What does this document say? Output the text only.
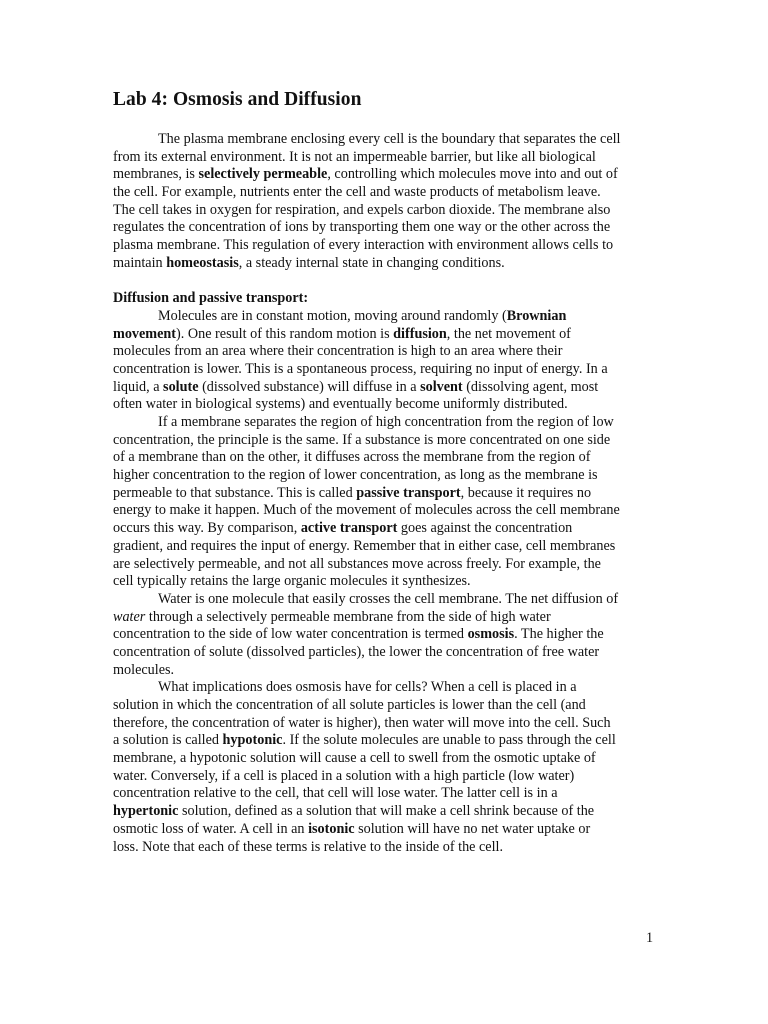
Lab 4: Osmosis and Diffusion
The plasma membrane enclosing every cell is the boundary that separates the cell
from its external environment. It is not an impermeable barrier, but like all biological
membranes, is selectively permeable, controlling which molecules move into and out of
the cell. For example, nutrients enter the cell and waste products of metabolism leave.
The cell takes in oxygen for respiration, and expels carbon dioxide. The membrane also
regulates the concentration of ions by transporting them one way or the other across the
plasma membrane. This regulation of every interaction with environment allows cells to
maintain homeostasis, a steady internal state in changing conditions.
Diffusion and passive transport:
Molecules are in constant motion, moving around randomly (Brownian
movement). One result of this random motion is diffusion, the net movement of
molecules from an area where their concentration is high to an area where their
concentration is lower. This is a spontaneous process, requiring no input of energy. In a
liquid, a solute (dissolved substance) will diffuse in a solvent (dissolving agent, most
often water in biological systems) and eventually become uniformly distributed.
If a membrane separates the region of high concentration from the region of low
concentration, the principle is the same. If a substance is more concentrated on one side
of a membrane than on the other, it diffuses across the membrane from the region of
higher concentration to the region of lower concentration, as long as the membrane is
permeable to that substance. This is called passive transport, because it requires no
energy to make it happen. Much of the movement of molecules across the cell membrane
occurs this way. By comparison, active transport goes against the concentration
gradient, and requires the input of energy. Remember that in either case, cell membranes
are selectively permeable, and not all substances move across freely. For example, the
cell typically retains the large organic molecules it synthesizes.
Water is one molecule that easily crosses the cell membrane. The net diffusion of
water through a selectively permeable membrane from the side of high water
concentration to the side of low water concentration is termed osmosis. The higher the
concentration of solute (dissolved particles), the lower the concentration of free water
molecules.
What implications does osmosis have for cells? When a cell is placed in a
solution in which the concentration of all solute particles is lower than the cell (and
therefore, the concentration of water is higher), then water will move into the cell. Such
a solution is called hypotonic. If the solute molecules are unable to pass through the cell
membrane, a hypotonic solution will cause a cell to swell from the osmotic uptake of
water. Conversely, if a cell is placed in a solution with a high particle (low water)
concentration relative to the cell, that cell will lose water. The latter cell is in a
hypertonic solution, defined as a solution that will make a cell shrink because of the
osmotic loss of water. A cell in an isotonic solution will have no net water uptake or
loss. Note that each of these terms is relative to the inside of the cell.
1
